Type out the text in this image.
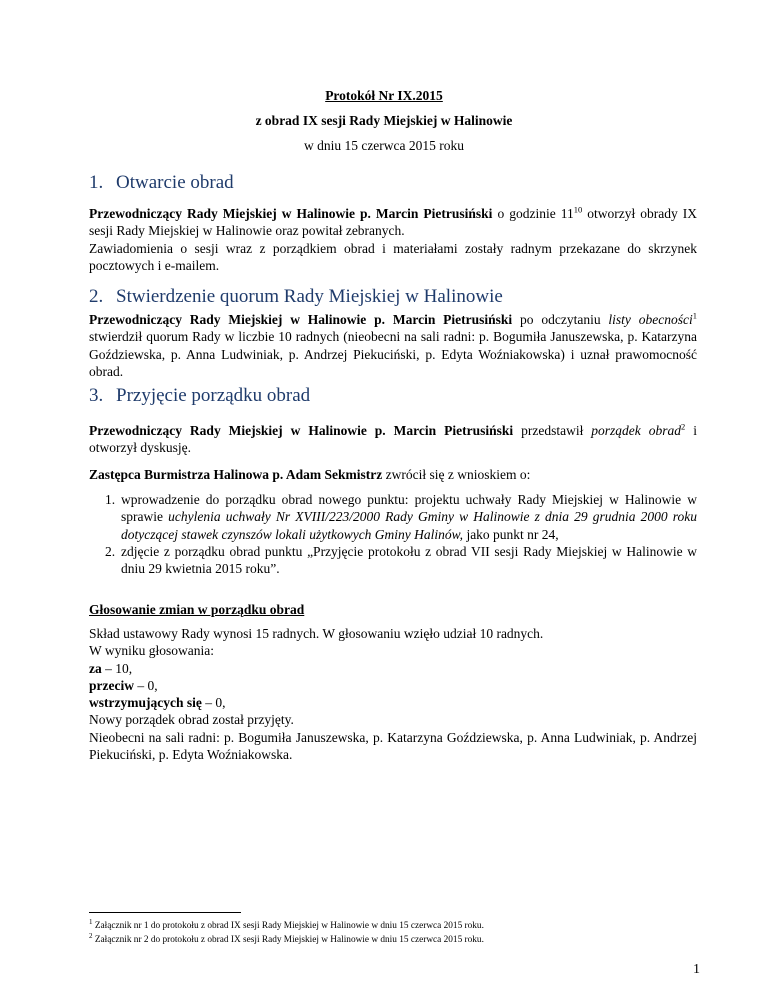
Protokół Nr IX.2015
z obrad IX sesji Rady Miejskiej w Halinowie
w dniu 15 czerwca 2015 roku
1. Otwarcie obrad
Przewodniczący Rady Miejskiej w Halinowie p. Marcin Pietrusiński o godzinie $11^{10}$ otworzył obrady IX sesji Rady Miejskiej w Halinowie oraz powitał zebranych.
Zawiadomienia o sesji wraz z porządkiem obrad i materiałami zostały radnym przekazane do skrzynek pocztowych i e-mailem.
2. Stwierdzenie quorum Rady Miejskiej w Halinowie
Przewodniczący Rady Miejskiej w Halinowie p. Marcin Pietrusiński po odczytaniu listy obecności$^1$ stwierdził quorum Rady w liczbie 10 radnych (nieobecni na sali radni: p. Bogumiła Januszewska, p. Katarzyna Goździewska, p. Anna Ludwiniak, p. Andrzej Piekuciński, p. Edyta Woźniakowska) i uznał prawomocność obrad.
3. Przyjęcie porządku obrad
Przewodniczący Rady Miejskiej w Halinowie p. Marcin Pietrusiński przedstawił porządek obrad$^2$ i otworzył dyskusję.
Zastępca Burmistrza Halinowa p. Adam Sekmistrz zwrócił się z wnioskiem o:
1. wprowadzenie do porządku obrad nowego punktu: projektu uchwały Rady Miejskiej w Halinowie w sprawie uchylenia uchwały Nr XVIII/223/2000 Rady Gminy w Halinowie z dnia 29 grudnia 2000 roku dotyczącej stawek czynszów lokali użytkowych Gminy Halinów, jako punkt nr 24,
2. zdjęcie z porządku obrad punktu „Przyjęcie protokołu z obrad VII sesji Rady Miejskiej w Halinowie w dniu 29 kwietnia 2015 roku”.
Głosowanie zmian w porządku obrad
Skład ustawowy Rady wynosi 15 radnych. W głosowaniu wzięło udział 10 radnych.
W wyniku głosowania:
za – 10,
przeciw – 0,
wstrzymujących się – 0,
Nowy porządek obrad został przyjęty.
Nieobecni na sali radni: p. Bogumiła Januszewska, p. Katarzyna Goździewska, p. Anna Ludwiniak, p. Andrzej Piekuciński, p. Edyta Woźniakowska.
$^1$ Załącznik nr 1 do protokołu z obrad IX sesji Rady Miejskiej w Halinowie w dniu 15 czerwca 2015 roku.
$^2$ Załącznik nr 2 do protokołu z obrad IX sesji Rady Miejskiej w Halinowie w dniu 15 czerwca 2015 roku.
1
